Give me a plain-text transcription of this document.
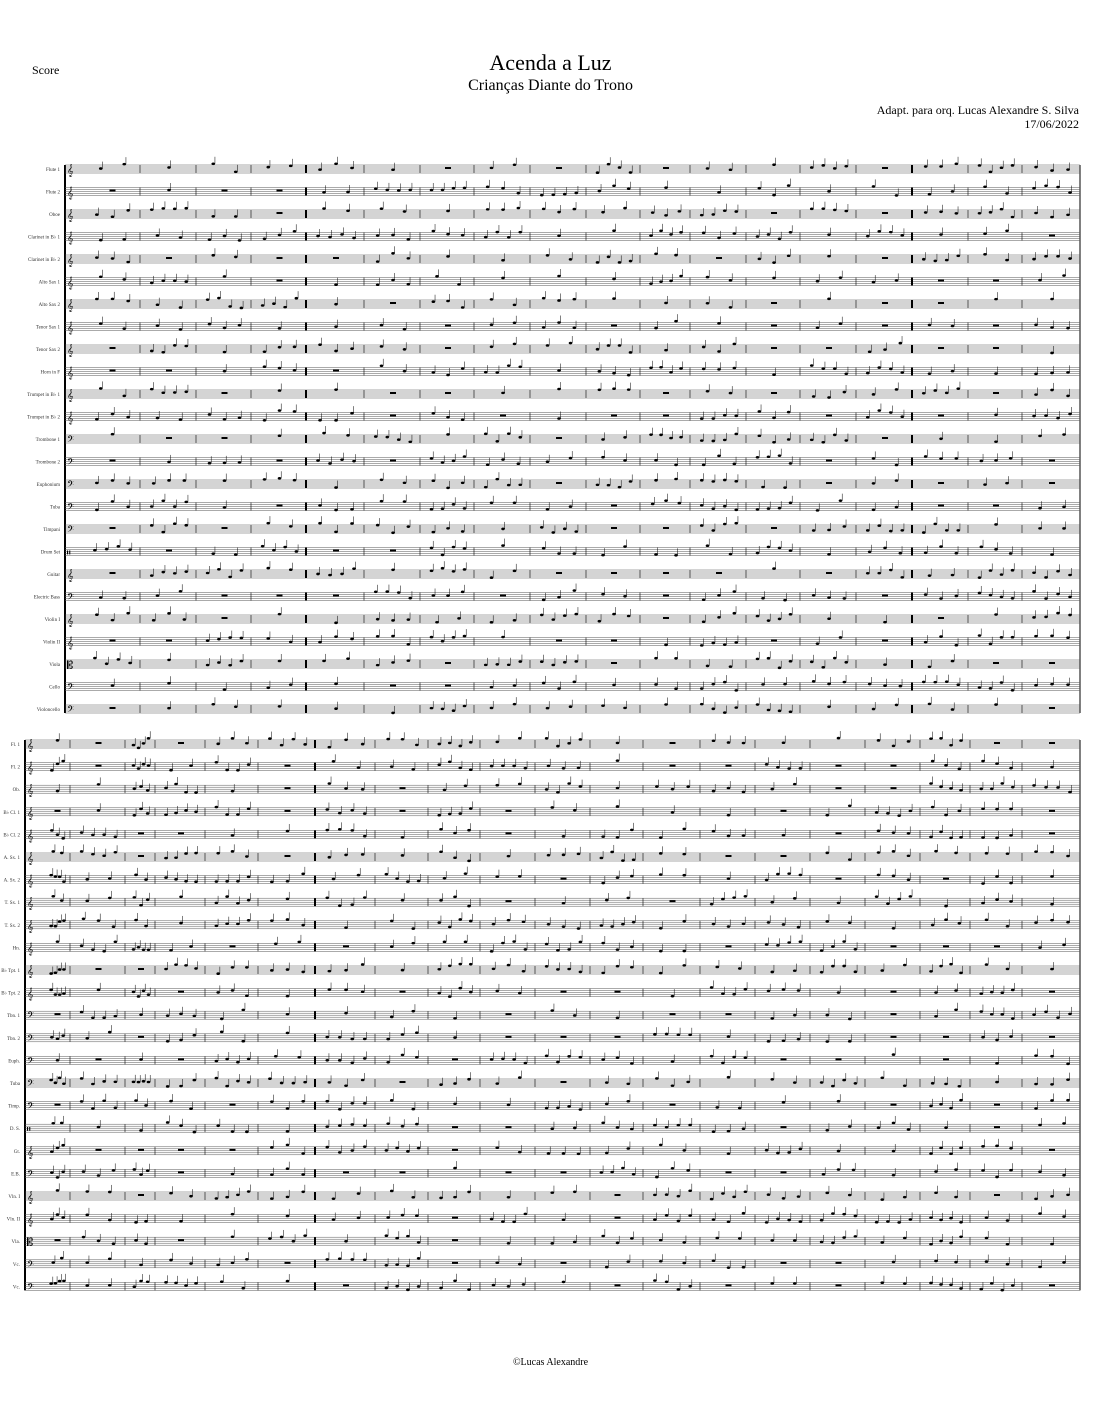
Score	Acenda a Luz
Crianças Diante do Trono
Adapt. para orq. Lucas Alexandre S. Silva
17/06/2022
©Lucas Alexandre
Flute 1 𝄞
Flute 2 𝄞
Oboe 𝄞
Clarinet in B♭ 1 𝄞
Clarinet in B♭ 2 𝄞
Alto Sax 1 𝄞
Alto Sax 2 𝄞
Tenor Sax 1 𝄞
Tenor Sax 2 𝄞
Horn in F 𝄞
Trumpet in B♭ 1 𝄞
Trumpet in B♭ 2 𝄞
Trombone 1 𝄢
Trombone 2 𝄢
Euphonium 𝄢
Tuba 𝄢
Timpani 𝄢
Drum Set 𝄥
Guitar 𝄞
Electric Bass 𝄢
Violin I 𝄞
Violin II 𝄞
Viola 𝄡
Cello 𝄢
Violoncello 𝄢
Fl. 1 𝄞
Fl. 2 𝄞
Ob. 𝄞
B♭ Cl. 1 𝄞
B♭ Cl. 2 𝄞
A. Sx. 1 𝄞
A. Sx. 2 𝄞
T. Sx. 1 𝄞
T. Sx. 2 𝄞
Hn. 𝄞
B♭ Tpt. 1 𝄞
B♭ Tpt. 2 𝄞
Tbn. 1 𝄢
Tbn. 2 𝄢
Euph. 𝄢
Tuba 𝄢
Timp. 𝄢
D. S. 𝄥
Gt. 𝄞
E.B. 𝄢
Vln. I 𝄞
Vln. II 𝄞
Vla. 𝄡
Vc. 𝄢
Vc. 𝄢
